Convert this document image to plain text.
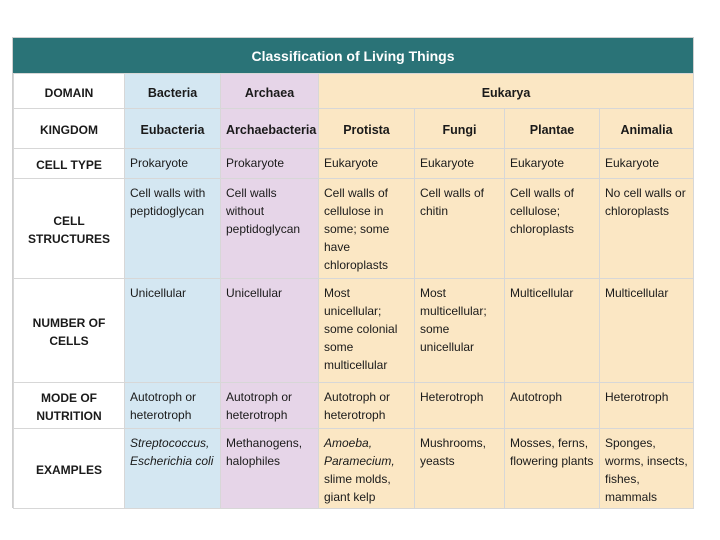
Classification of Living Things
DOMAIN	Bacteria	Archaea	Eukarya			
KINGDOM	Eubacteria	Archaebacteria	Protista	Fungi	Plantae	Animalia
CELL TYPE	Prokaryote	Prokaryote	Eukaryote	Eukaryote	Eukaryote	Eukaryote
CELL STRUCTURES	Cell walls with peptidoglycan	Cell walls without peptidoglycan	Cell walls of cellulose in some; some have chloroplasts	Cell walls of chitin	Cell walls of cellulose; chloroplasts	No cell walls or chloroplasts
NUMBER OF CELLS	Unicellular	Unicellular	Most unicellular; some colonial some multicellular	Most multicellular; some unicellular	Multicellular	Multicellular
MODE OF NUTRITION	Autotroph or heterotroph	Autotroph or heterotroph	Autotroph or heterotroph	Heterotroph	Autotroph	Heterotroph
EXAMPLES	Streptococcus, Escherichia coli	Methanogens, halophiles	Amoeba, Paramecium, slime molds, giant kelp	Mushrooms, yeasts	Mosses, ferns, flowering plants	Sponges, worms, insects, fishes, mammals
